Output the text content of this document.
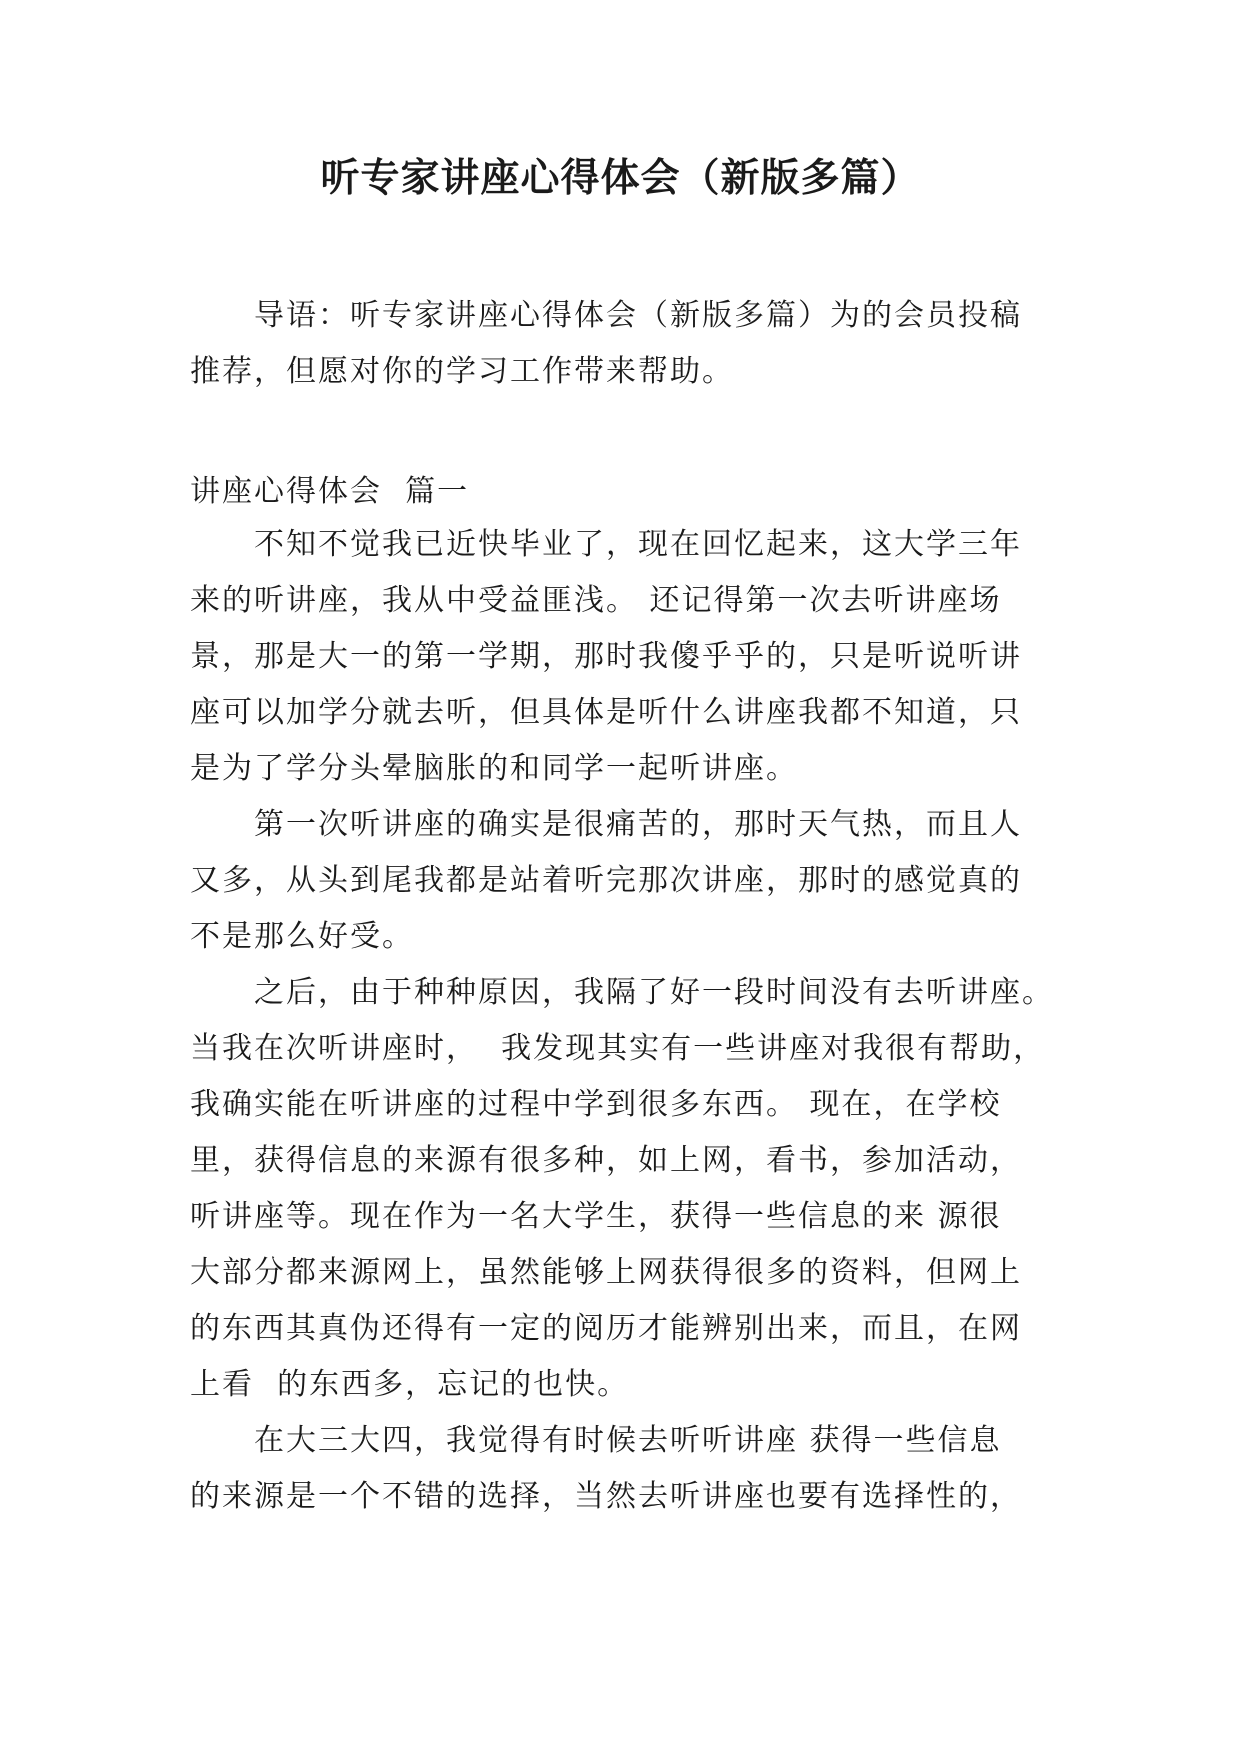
听专家讲座心得体会（新版多篇）
　　导语：听专家讲座心得体会（新版多篇）为的会员投稿
推荐，但愿对你的学习工作带来帮助。
讲座心得体会  篇一
　　不知不觉我已近快毕业了，现在回忆起来，这大学三年
来的听讲座，我从中受益匪浅。 还记得第一次去听讲座场
景，那是大一的第一学期，那时我傻乎乎的，只是听说听讲
座可以加学分就去听，但具体是听什么讲座我都不知道，只
是为了学分头晕脑胀的和同学一起听讲座。
　　第一次听讲座的确实是很痛苦的，那时天气热，而且人
又多，从头到尾我都是站着听完那次讲座，那时的感觉真的
不是那么好受。
　　之后，由于种种原因，我隔了好一段时间没有去听讲座。
当我在次听讲座时，  我发现其实有一些讲座对我很有帮助，
我确实能在听讲座的过程中学到很多东西。 现在，在学校
里，获得信息的来源有很多种，如上网，看书，参加活动，
听讲座等。现在作为一名大学生，获得一些信息的来 源很
大部分都来源网上，虽然能够上网获得很多的资料，但网上
的东西其真伪还得有一定的阅历才能辨别出来，而且，在网
上看  的东西多，忘记的也快。
　　在大三大四，我觉得有时候去听听讲座 获得一些信息
的来源是一个不错的选择，当然去听讲座也要有选择性的，
